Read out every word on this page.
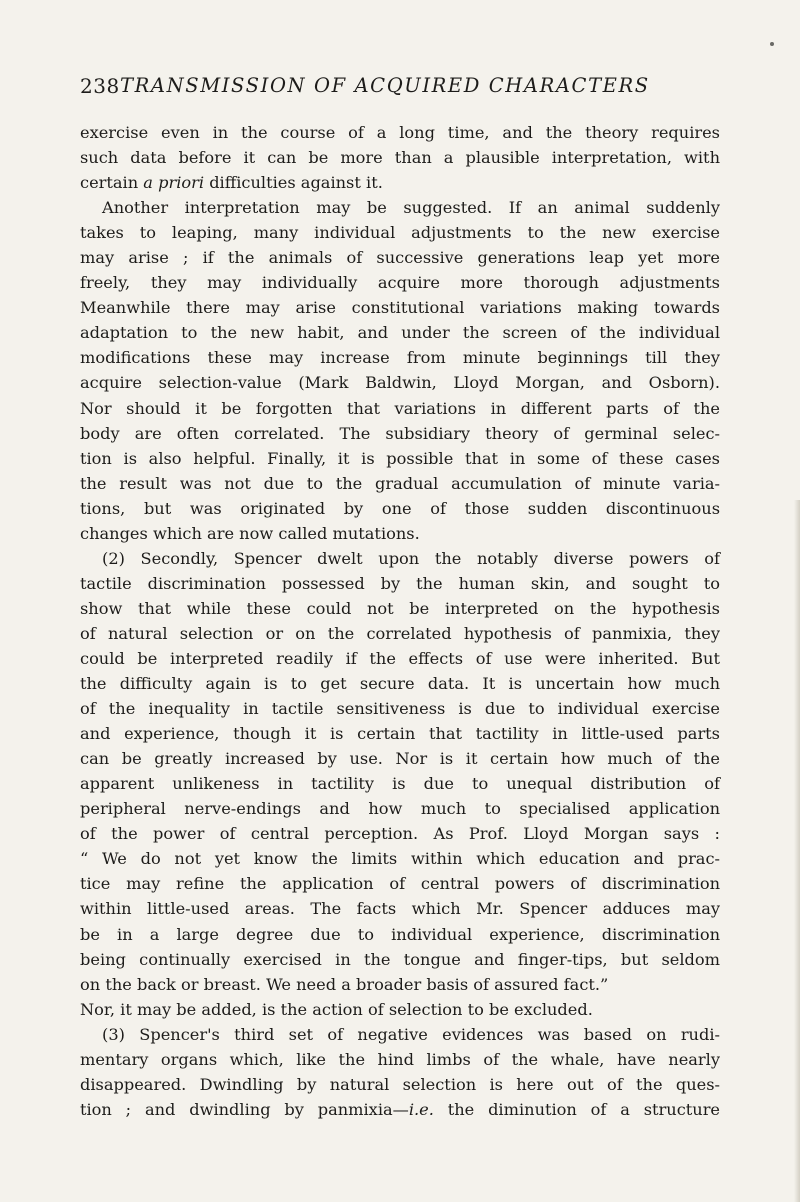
238 TRANSMISSION OF ACQUIRED CHARACTERS
exercise even in the course of a long time, and the theory requires
such data before it can be more than a plausible interpretation, with
certain a priori difficulties against it.
Another interpretation may be suggested. If an animal suddenly
takes to leaping, many individual adjustments to the new exercise
may arise ; if the animals of successive generations leap yet more
freely, they may individually acquire more thorough adjustments
Meanwhile there may arise constitutional variations making towards
adaptation to the new habit, and under the screen of the individual
modifications these may increase from minute beginnings till they
acquire selection-value (Mark Baldwin, Lloyd Morgan, and Osborn).
Nor should it be forgotten that variations in different parts of the
body are often correlated. The subsidiary theory of germinal selec-
tion is also helpful. Finally, it is possible that in some of these cases
the result was not due to the gradual accumulation of minute varia-
tions, but was originated by one of those sudden discontinuous
changes which are now called mutations.
(2) Secondly, Spencer dwelt upon the notably diverse powers of
tactile discrimination possessed by the human skin, and sought to
show that while these could not be interpreted on the hypothesis
of natural selection or on the correlated hypothesis of panmixia, they
could be interpreted readily if the effects of use were inherited. But
the difficulty again is to get secure data. It is uncertain how much
of the inequality in tactile sensitiveness is due to individual exercise
and experience, though it is certain that tactility in little-used parts
can be greatly increased by use. Nor is it certain how much of the
apparent unlikeness in tactility is due to unequal distribution of
peripheral nerve-endings and how much to specialised application
of the power of central perception. As Prof. Lloyd Morgan says :
“ We do not yet know the limits within which education and prac-
tice may refine the application of central powers of discrimination
within little-used areas. The facts which Mr. Spencer adduces may
be in a large degree due to individual experience, discrimination
being continually exercised in the tongue and finger-tips, but seldom
on the back or breast. We need a broader basis of assured fact.”
Nor, it may be added, is the action of selection to be excluded.
(3) Spencer's third set of negative evidences was based on rudi-
mentary organs which, like the hind limbs of the whale, have nearly
disappeared. Dwindling by natural selection is here out of the ques-
tion ; and dwindling by panmixia—i.e. the diminution of a structure
